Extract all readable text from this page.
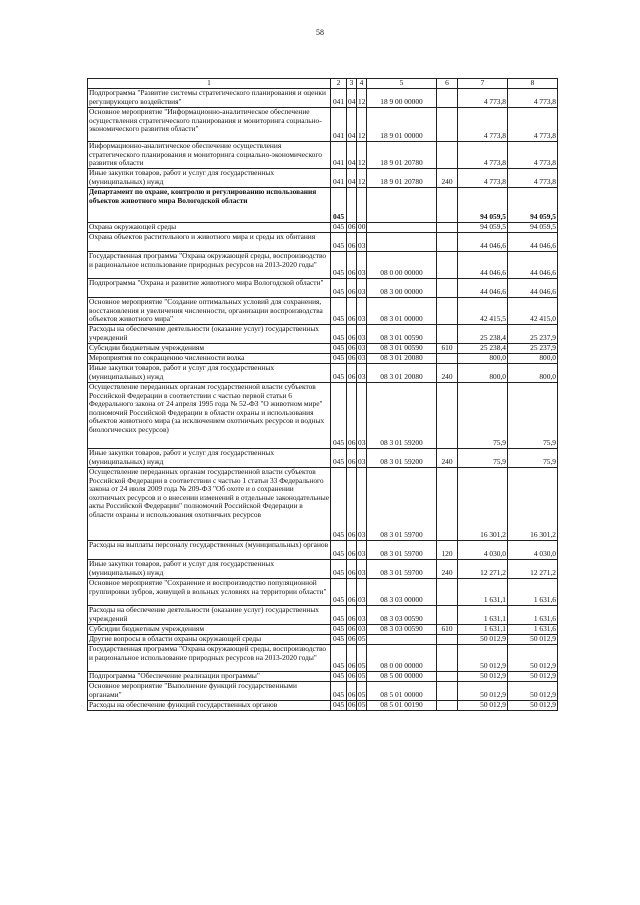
58
1	2	3	4	5	6	7	8
Подпрограмма "Развитие системы стратегического планирования и оценки регулирующего воздействия"	041	04	12	18 9 00 00000		4 773,8	4 773,8
Основное мероприятие "Информационно-аналитическое обеспечение осуществления стратегического планирования и мониторинга социально-экономического развития области"	041	04	12	18 9 01 00000		4 773,8	4 773,8
Информационно-аналитическое обеспечение осуществления стратегического планирования и мониторинга социально-экономического развития области	041	04	12	18 9 01 20780		4 773,8	4 773,8
Иные закупки товаров, работ и услуг для государственных (муниципальных) нужд	041	04	12	18 9 01 20780	240	4 773,8	4 773,8
Департамент по охране, контролю и регулированию использования объектов животного мира Вологодской области	045					94 059,5	94 059,5
Охрана окружающей среды	045	06	00			94 059,5	94 059,5
Охрана объектов растительного и животного мира и среды их обитания	045	06	03			44 046,6	44 046,6
Государственная программа "Охрана окружающей среды, воспроизводство и рациональное использование природных ресурсов на 2013-2020 годы"	045	06	03	08 0 00 00000		44 046,6	44 046,6
Подпрограмма "Охрана и развитие животного мира Вологодской области"	045	06	03	08 3 00 00000		44 046,6	44 046,6
Основное мероприятие "Создание оптимальных условий для сохранения, восстановления и увеличения численности, организации воспроизводства объектов животного мира"	045	06	03	08 3 01 00000		42 415,5	42 415,0
Расходы на обеспечение деятельности (оказание услуг) государственных учреждений	045	06	03	08 3 01 00590		25 238,4	25 237,9
Субсидии бюджетным учреждениям	045	06	03	08 3 01 00590	610	25 238,4	25 237,9
Мероприятия по сокращению численности волка	045	06	03	08 3 01 20080		800,0	800,0
Иные закупки товаров, работ и услуг для государственных (муниципальных) нужд	045	06	03	08 3 01 20080	240	800,0	800,0
Осуществление переданных органам государственной власти субъектов Российской Федерации в соответствии с частью первой статьи 6 Федерального закона от 24 апреля 1995 года № 52-ФЗ "О животном мире" полномочий Российской Федерации в области охраны и использования объектов животного мира (за исключением охотничьих ресурсов и водных биологических ресурсов)	045	06	03	08 3 01 59200		75,9	75,9
Иные закупки товаров, работ и услуг для государственных (муниципальных) нужд	045	06	03	08 3 01 59200	240	75,9	75,9
Осуществление переданных органам государственной власти субъектов Российской Федерации в соответствии с частью 1 статьи 33 Федерального закона от 24 июля 2009 года № 209-ФЗ "Об охоте и о сохранении охотничьих ресурсов и о внесении изменений в отдельные законодательные акты Российской Федерации" полномочий Российской Федерации в области охраны и использования охотничьих ресурсов	045	06	03	08 3 01 59700		16 301,2	16 301,2
Расходы на выплаты персоналу государственных (муниципальных) органов	045	06	03	08 3 01 59700	120	4 030,0	4 030,0
Иные закупки товаров, работ и услуг для государственных (муниципальных) нужд	045	06	03	08 3 01 59700	240	12 271,2	12 271,2
Основное мероприятие "Сохранение и воспроизводство популяционной группировки зубров, живущей в вольных условиях на территории области"	045	06	03	08 3 03 00000		1 631,1	1 631,6
Расходы на обеспечение деятельности (оказание услуг) государственных учреждений	045	06	03	08 3 03 00590		1 631,1	1 631,6
Субсидии бюджетным учреждениям	045	06	03	08 3 03 00590	610	1 631,1	1 631,6
Другие вопросы в области охраны окружающей среды	045	06	05			50 012,9	50 012,9
Государственная программа "Охрана окружающей среды, воспроизводство и рациональное использование природных ресурсов на 2013-2020 годы"	045	06	05	08 0 00 00000		50 012,9	50 012,9
Подпрограмма "Обеспечение реализации программы"	045	06	05	08 5 00 00000		50 012,9	50 012,9
Основное мероприятие "Выполнение функций государственными органами"	045	06	05	08 5 01 00000		50 012,9	50 012,9
Расходы на обеспечение функций государственных органов	045	06	05	08 5 01 00190		50 012,9	50 012,9
